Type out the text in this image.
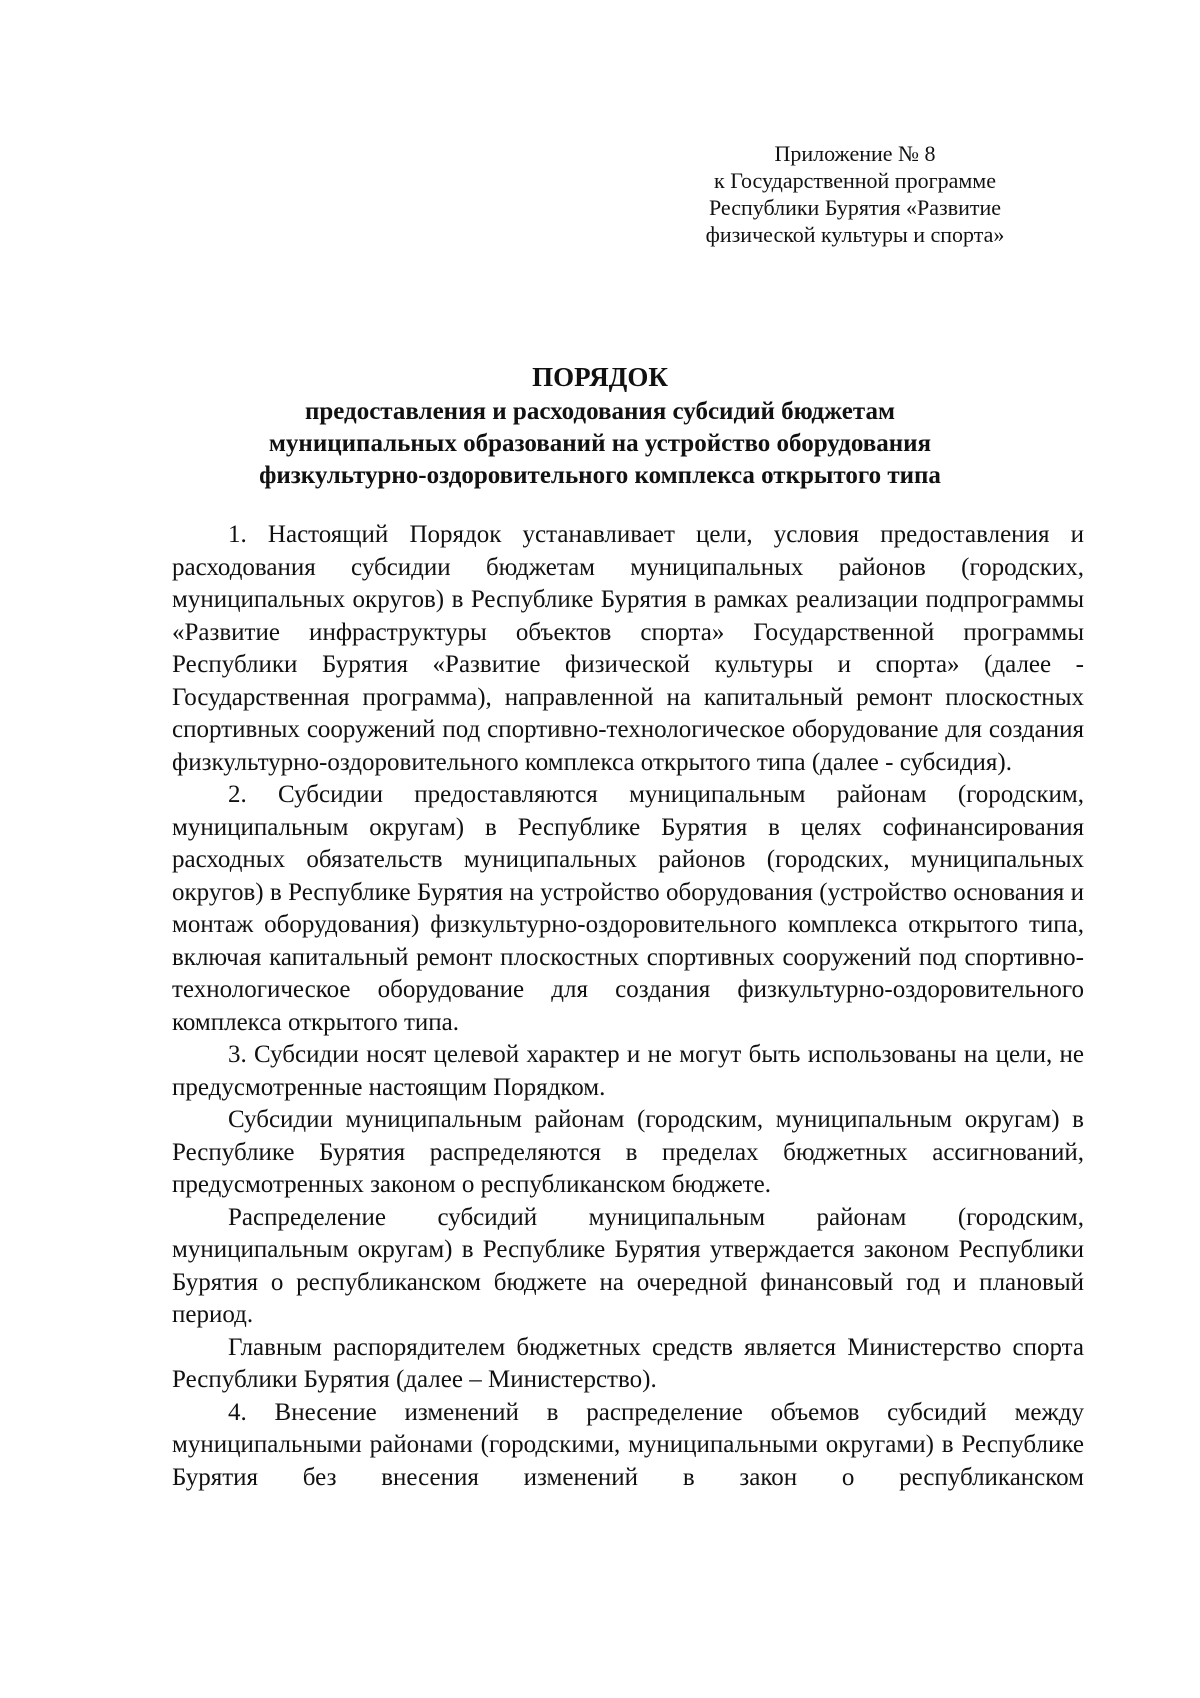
Приложение № 8
к Государственной программе
Республики Бурятия «Развитие
физической культуры и спорта»
ПОРЯДОК
предоставления и расходования субсидий бюджетам
муниципальных образований на устройство оборудования
физкультурно-оздоровительного комплекса открытого типа

1. Настоящий Порядок устанавливает цели, условия предоставления и расходования субсидии бюджетам муниципальных районов (городских, муниципальных округов) в Республике Бурятия в рамках реализации подпрограммы «Развитие инфраструктуры объектов спорта» Государственной программы Республики Бурятия «Развитие физической культуры и спорта» (далее - Государственная программа), направленной на капитальный ремонт плоскостных спортивных сооружений под спортивно-технологическое оборудование для создания физкультурно-оздоровительного комплекса открытого типа (далее - субсидия).

2. Субсидии предоставляются муниципальным районам (городским, муниципальным округам) в Республике Бурятия в целях софинансирования расходных обязательств муниципальных районов (городских, муниципальных округов) в Республике Бурятия на устройство оборудования (устройство основания и монтаж оборудования) физкультурно-оздоровительного комплекса открытого типа, включая капитальный ремонт плоскостных спортивных сооружений под спортивно-технологическое оборудование для создания физкультурно-оздоровительного комплекса открытого типа.

3. Субсидии носят целевой характер и не могут быть использованы на цели, не предусмотренные настоящим Порядком.

Субсидии муниципальным районам (городским, муниципальным округам) в Республике Бурятия распределяются в пределах бюджетных ассигнований, предусмотренных законом о республиканском бюджете.

Распределение субсидий муниципальным районам (городским, муниципальным округам) в Республике Бурятия утверждается законом Республики Бурятия о республиканском бюджете на очередной финансовый год и плановый период.

Главным распорядителем бюджетных средств является Министерство спорта Республики Бурятия (далее – Министерство).

4. Внесение изменений в распределение объемов субсидий между муниципальными районами (городскими, муниципальными округами) в Республике Бурятия без внесения изменений в закон о республиканском
